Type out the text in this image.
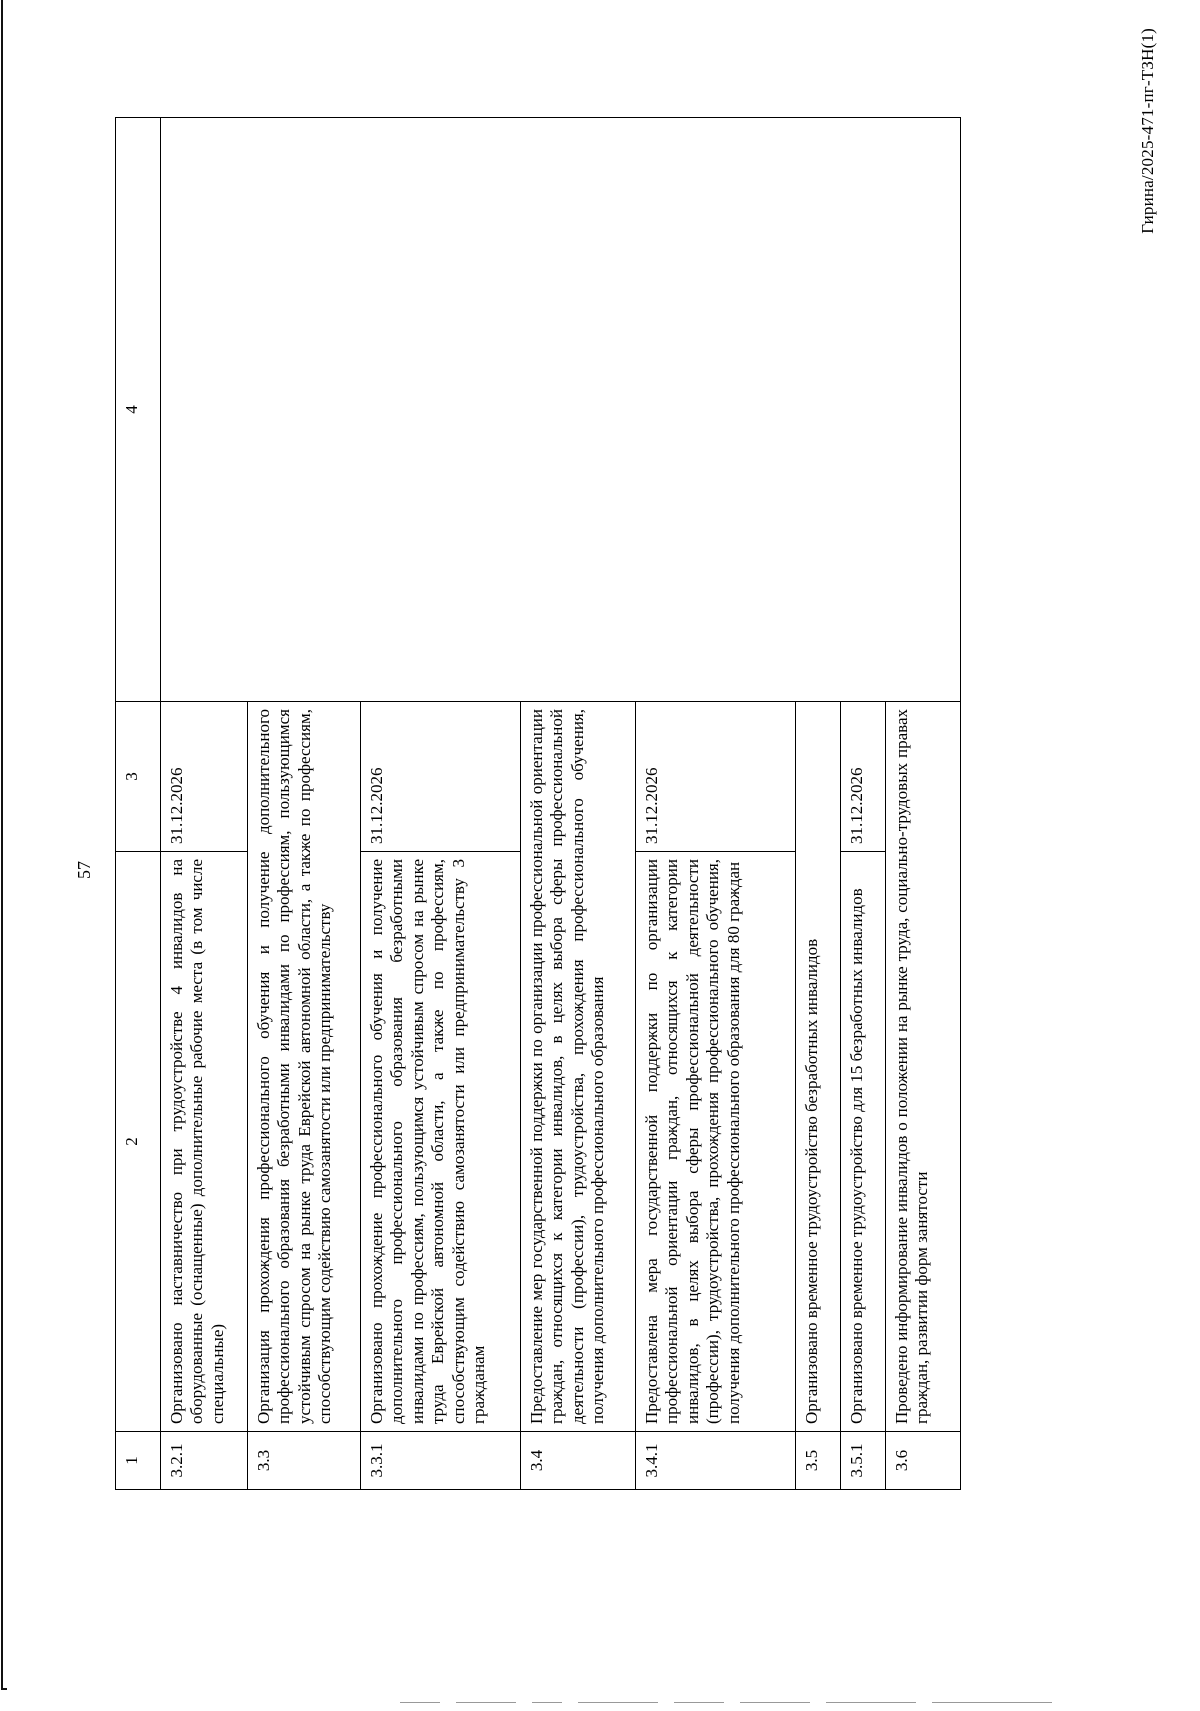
57
1	2	3	4
3.2.1	Организовано наставничество при трудоустройстве 4 инвалидов на оборудованные (оснащенные) дополнительные рабочие места (в том числе специальные)	31.12.2026	
3.3	Организация прохождения профессионального обучения и получение дополнительного профессионального образования безработными инвалидами по профессиям, пользующимся устойчивым спросом на рынке труда Еврейской автономной области, а также по профессиям, способствующим содействию самозанятости или предпринимательству		
3.3.1	Организовано прохождение профессионального обучения и получение дополнительного профессионального образования безработными инвалидами по профессиям, пользующимся устойчивым спросом на рынке труда Еврейской автономной области, а также по профессиям, способствующим содействию самозанятости или предпринимательству 3 гражданам	31.12.2026	
3.4	Предоставление мер государственной поддержки по организации профессиональной ориентации граждан, относящихся к категории инвалидов, в целях выбора сферы профессиональной деятельности (профессии), трудоустройства, прохождения профессионального обучения, получения дополнительного профессионального образования		
3.4.1	Предоставлена мера государственной поддержки по организации профессиональной ориентации граждан, относящихся к категории инвалидов, в целях выбора сферы профессиональной деятельности (профессии), трудоустройства, прохождения профессионального обучения, получения дополнительного профессионального образования для 80 граждан	31.12.2026	
3.5	Организовано временное трудоустройство безработных инвалидов		
3.5.1	Организовано временное трудоустройство для 15 безработных инвалидов	31.12.2026	
3.6	Проведено информирование инвалидов о положении на рынке труда, социально-трудовых правах граждан, развитии форм занятости		
Гирина/2025-471-пг-ТЗН(1)
